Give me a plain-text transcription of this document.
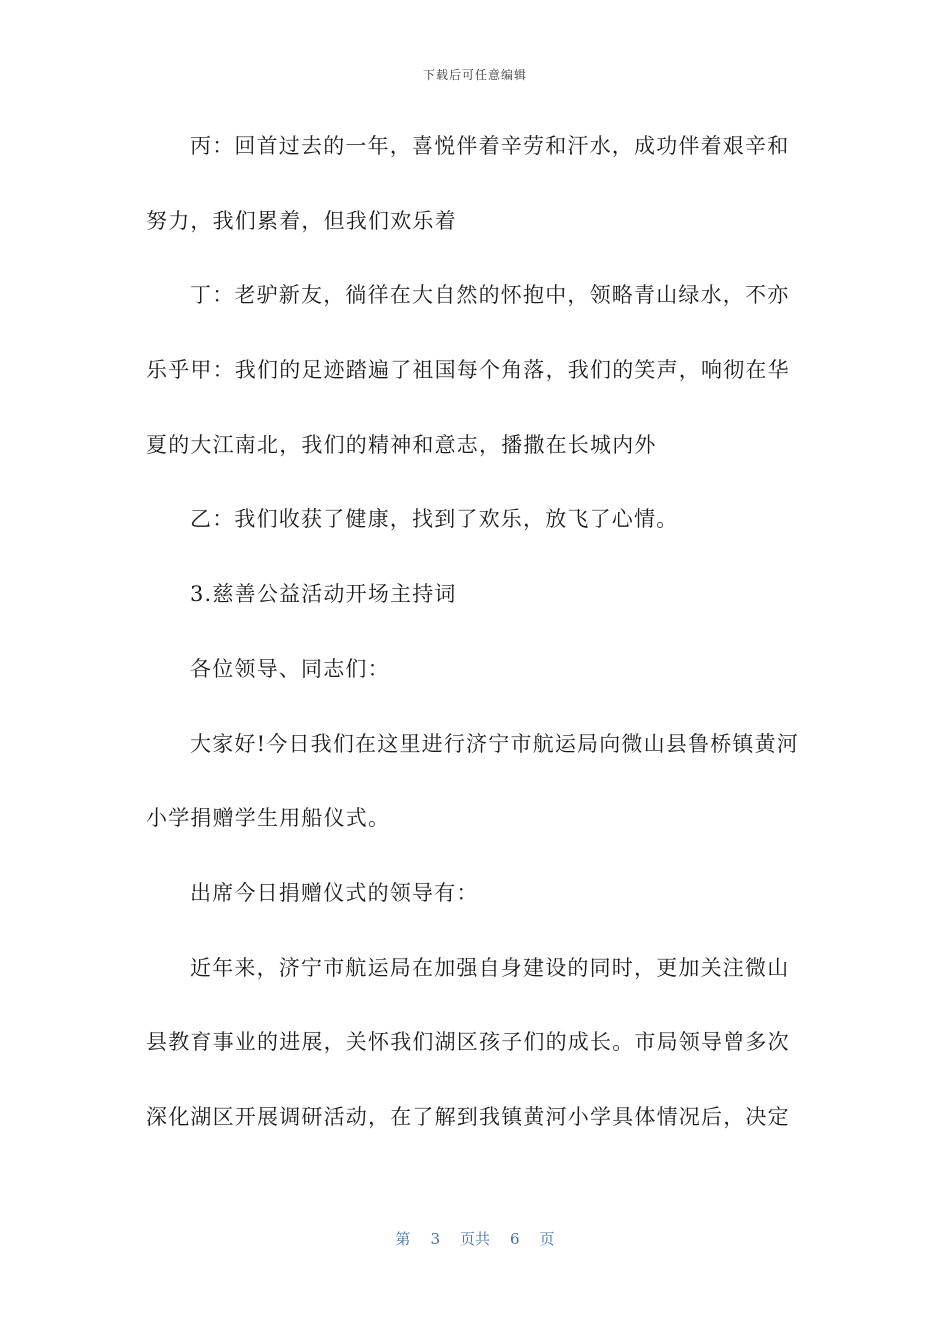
下载后可任意编辑
丙：回首过去的一年，喜悦伴着辛劳和汗水，成功伴着艰辛和
努力，我们累着，但我们欢乐着
丁：老驴新友，徜徉在大自然的怀抱中，领略青山绿水，不亦
乐乎甲：我们的足迹踏遍了祖国每个角落，我们的笑声，响彻在华
夏的大江南北，我们的精神和意志，播撒在长城内外
乙：我们收获了健康，找到了欢乐，放飞了心情。
3.慈善公益活动开场主持词
各位领导、同志们：
大家好!今日我们在这里进行济宁市航运局向微山县鲁桥镇黄河
小学捐赠学生用船仪式。
出席今日捐赠仪式的领导有：
近年来，济宁市航运局在加强自身建设的同时，更加关注微山
县教育事业的进展，关怀我们湖区孩子们的成长。市局领导曾多次
深化湖区开展调研活动，在了解到我镇黄河小学具体情况后，决定
第 3 页共 6 页
